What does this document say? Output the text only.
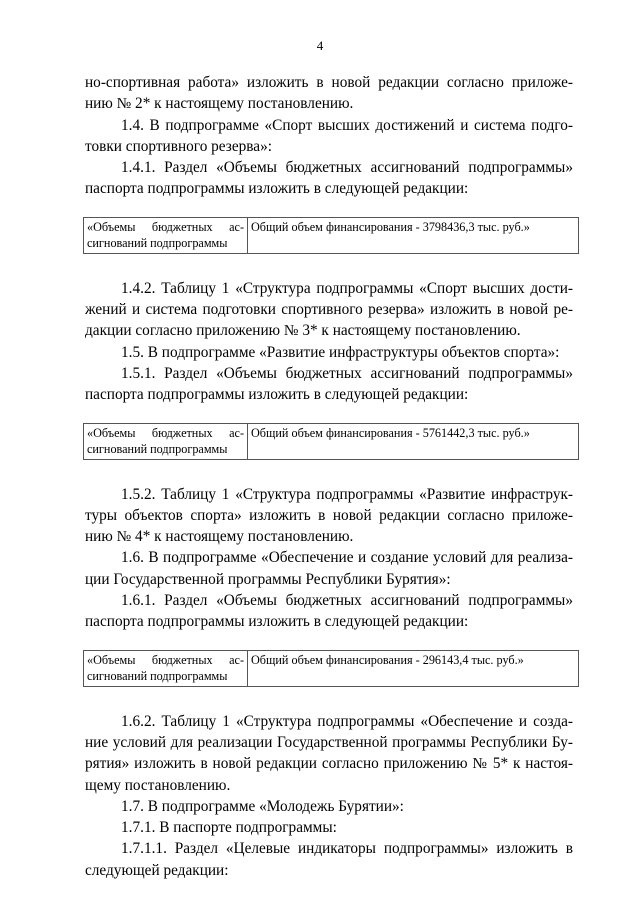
4

но-спортивная работа» изложить в новой редакции согласно приложе-

нию № 2* к настоящему постановлению.

1.4. В подпрограмме «Спорт высших достижений и система подго-

товки спортивного резерва»:

1.4.1. Раздел «Объемы бюджетных ассигнований подпрограммы»

паспорта подпрограммы изложить в следующей редакции:

«Объемы бюджетных ас-сигнований подпрограммы	Общий объем финансирования - 3798436,3 тыс. руб.»

1.4.2. Таблицу 1 «Структура подпрограммы «Спорт высших дости-

жений и система подготовки спортивного резерва» изложить в новой ре-

дакции согласно приложению № 3* к настоящему постановлению.

1.5. В подпрограмме «Развитие инфраструктуры объектов спорта»:

1.5.1. Раздел «Объемы бюджетных ассигнований подпрограммы»

паспорта подпрограммы изложить в следующей редакции:

«Объемы бюджетных ас-сигнований подпрограммы	Общий объем финансирования - 5761442,3 тыс. руб.»

1.5.2. Таблицу 1 «Структура подпрограммы «Развитие инфраструк-

туры объектов спорта» изложить в новой редакции согласно приложе-

нию № 4* к настоящему постановлению.

1.6. В подпрограмме «Обеспечение и создание условий для реализа-

ции Государственной программы Республики Бурятия»:

1.6.1. Раздел «Объемы бюджетных ассигнований подпрограммы»

паспорта подпрограммы изложить в следующей редакции:

«Объемы бюджетных ас-сигнований подпрограммы	Общий объем финансирования - 296143,4 тыс. руб.»

1.6.2. Таблицу 1 «Структура подпрограммы «Обеспечение и созда-

ние условий для реализации Государственной программы Республики Бу-

рятия» изложить в новой редакции согласно приложению № 5* к настоя-

щему постановлению.

1.7. В подпрограмме «Молодежь Бурятии»:

1.7.1. В паспорте подпрограммы:

1.7.1.1. Раздел «Целевые индикаторы подпрограммы» изложить в

следующей редакции:
